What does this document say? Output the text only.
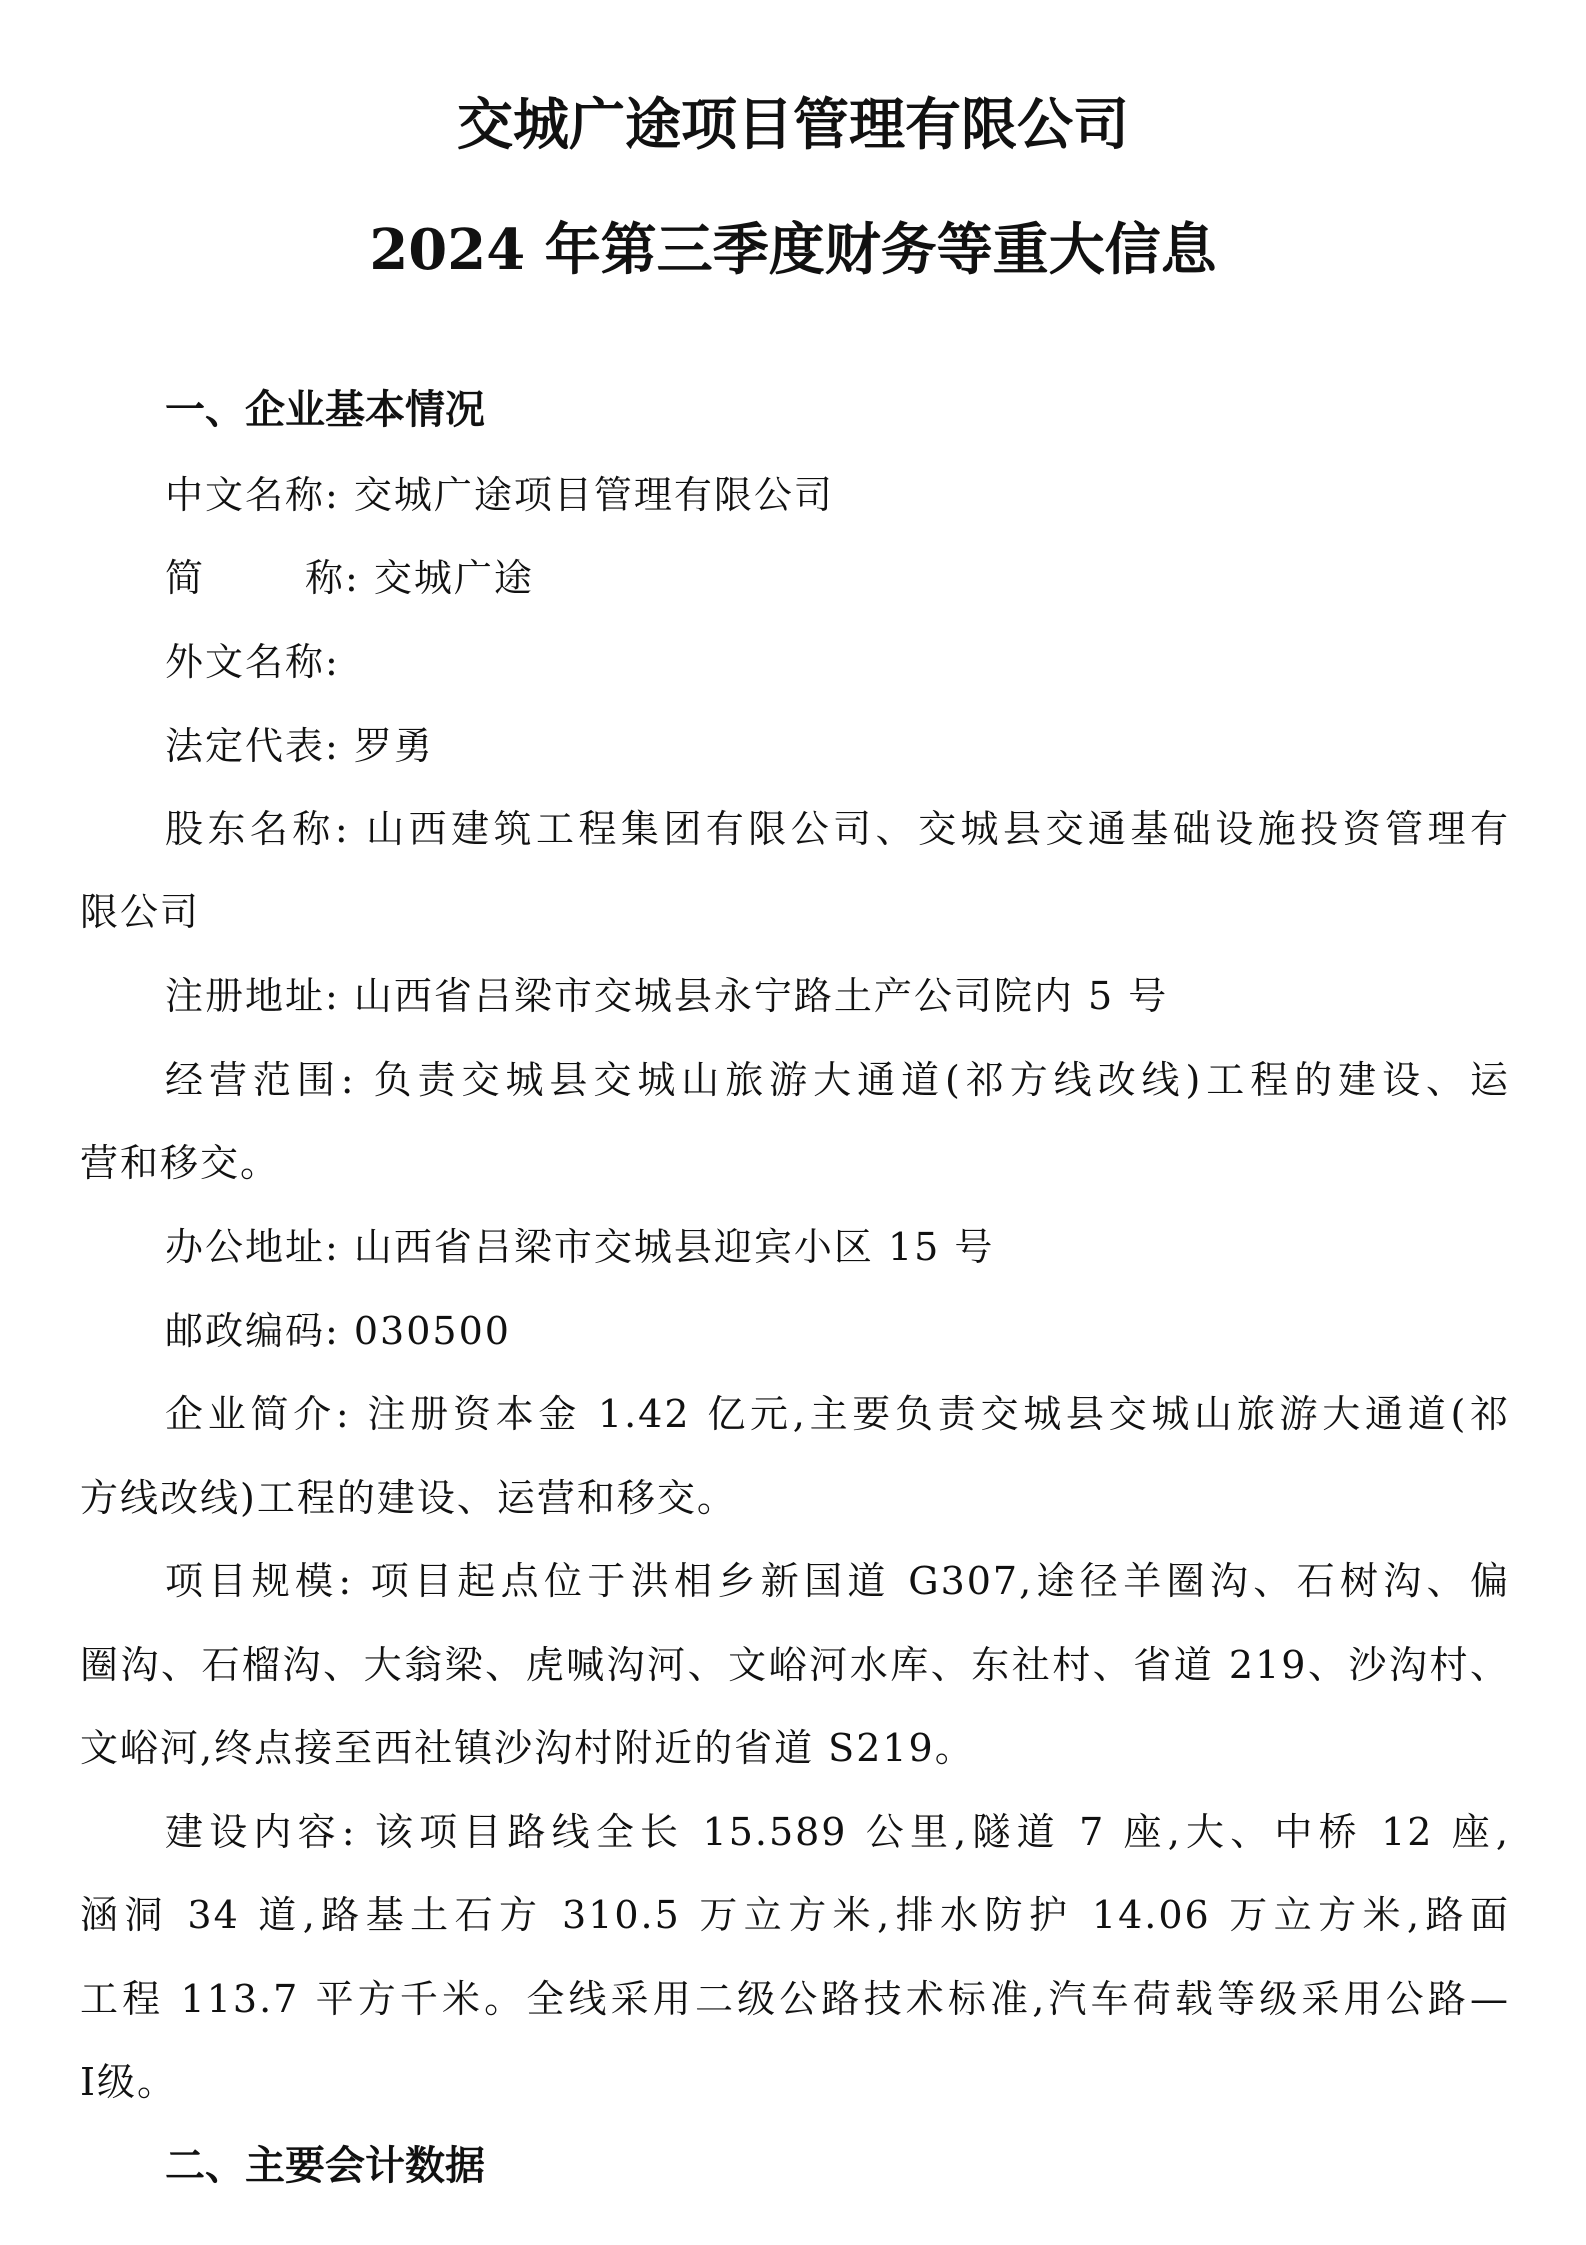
交城广途项目管理有限公司
2024 年第三季度财务等重大信息
一、企业基本情况
中文名称: 交城广途项目管理有限公司
简	称: 交城广途
外文名称:
法定代表: 罗勇
股东名称: 山西建筑工程集团有限公司、交城县交通基础设施投资管理有
限公司
注册地址: 山西省吕梁市交城县永宁路土产公司院内 5 号
经营范围: 负责交城县交城山旅游大通道(祁方线改线)工程的建设、运
营和移交。
办公地址: 山西省吕梁市交城县迎宾小区 15 号
邮政编码: 030500
企业简介: 注册资本金 1.42 亿元,主要负责交城县交城山旅游大通道(祁
方线改线)工程的建设、运营和移交。
项目规模: 项目起点位于洪相乡新国道 G307,途径羊圈沟、石树沟、偏
圈沟、石榴沟、大翁梁、虎喊沟河、文峪河水库、东社村、省道 219、沙沟村、
文峪河,终点接至西社镇沙沟村附近的省道 S219。
建设内容: 该项目路线全长 15.589 公里,隧道 7 座,大、中桥 12 座,
涵洞 34 道,路基土石方 310.5 万立方米,排水防护 14.06 万立方米,路面
工程 113.7 平方千米。全线采用二级公路技术标准,汽车荷载等级采用公路—
Ⅰ级。
二、主要会计数据
